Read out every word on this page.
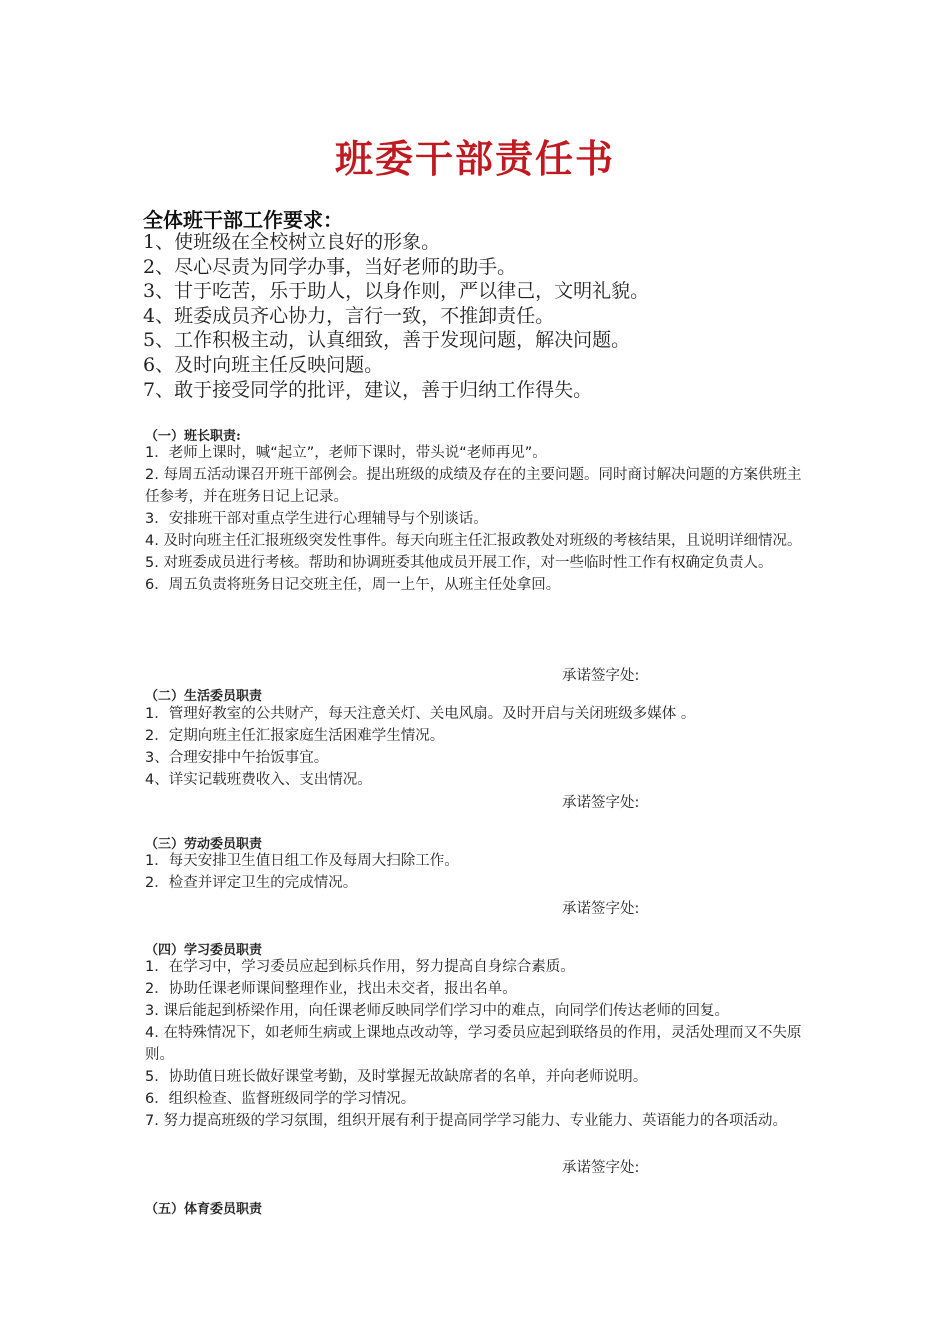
班委干部责任书
全体班干部工作要求：
1、使班级在全校树立良好的形象。
2、尽心尽责为同学办事，当好老师的助手。
3、甘于吃苦，乐于助人，以身作则，严以律己，文明礼貌。
4、班委成员齐心协力，言行一致，不推卸责任。
5、工作积极主动，认真细致，善于发现问题，解决问题。
6、及时向班主任反映问题。
7、敢于接受同学的批评，建议，善于归纳工作得失。
（一）班长职责:
1．老师上课时，喊“起立”，老师下课时，带头说“老师再见”。
2. 每周五活动课召开班干部例会。提出班级的成绩及存在的主要问题。同时商讨解决问题的方案供班主任参考，并在班务日记上记录。
3．安排班干部对重点学生进行心理辅导与个别谈话。
4. 及时向班主任汇报班级突发性事件。每天向班主任汇报政教处对班级的考核结果，且说明详细情况。
5. 对班委成员进行考核。帮助和协调班委其他成员开展工作，对一些临时性工作有权确定负责人。
6．周五负责将班务日记交班主任，周一上午，从班主任处拿回。
承诺签字处:
（二）生活委员职责
1．管理好教室的公共财产，每天注意关灯、关电风扇。及时开启与关闭班级多媒体 。
2．定期向班主任汇报家庭生活困难学生情况。
3、合理安排中午抬饭事宜。
4、详实记载班费收入、支出情况。
承诺签字处:
（三）劳动委员职责
1．每天安排卫生值日组工作及每周大扫除工作。
2．检查并评定卫生的完成情况。
承诺签字处:
（四）学习委员职责
1．在学习中，学习委员应起到标兵作用，努力提高自身综合素质。
2．协助任课老师课间整理作业，找出未交者，报出名单。
3. 课后能起到桥梁作用，向任课老师反映同学们学习中的难点，向同学们传达老师的回复。
4. 在特殊情况下，如老师生病或上课地点改动等，学习委员应起到联络员的作用，灵活处理而又不失原则。
5．协助值日班长做好课堂考勤，及时掌握无故缺席者的名单，并向老师说明。
6．组织检查、监督班级同学的学习情况。
7. 努力提高班级的学习氛围，组织开展有利于提高同学学习能力、专业能力、英语能力的各项活动。
承诺签字处:
（五）体育委员职责
